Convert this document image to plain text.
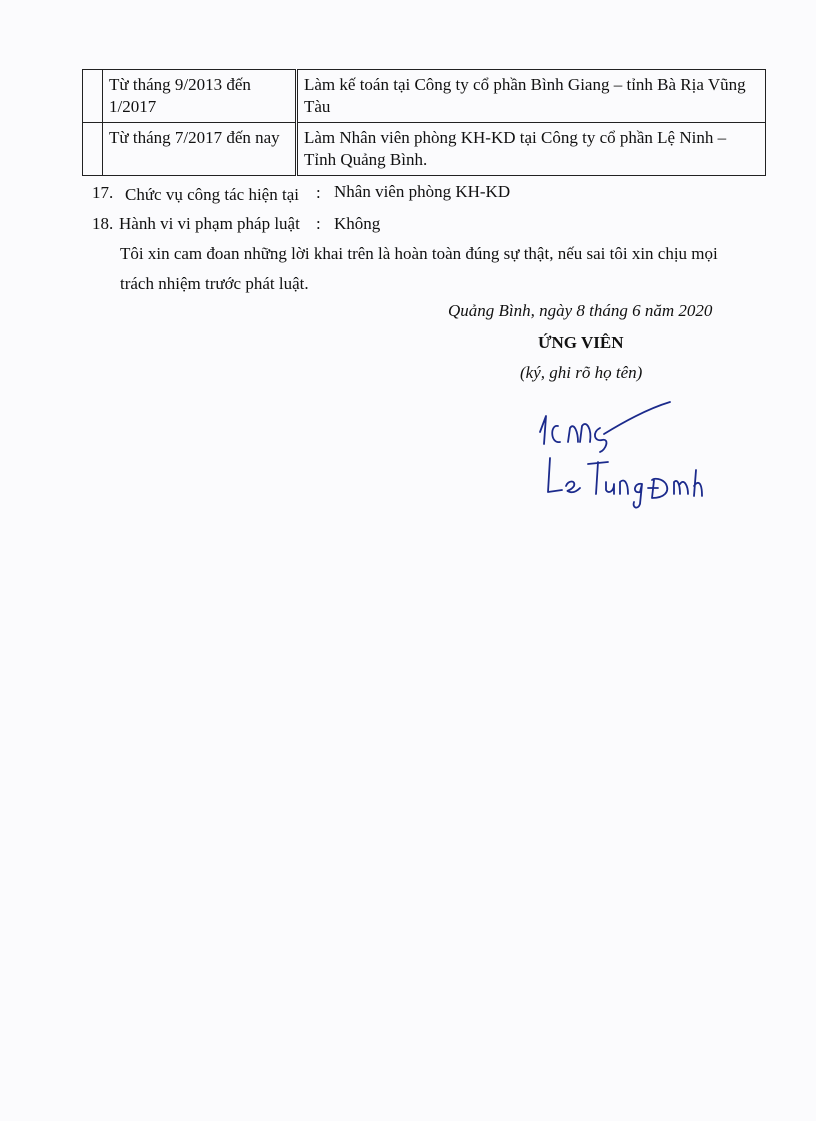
	Từ tháng 9/2013 đến 1/2017	Làm kế toán tại Công ty cổ phần Bình Giang – tỉnh Bà Rịa Vũng Tàu
	Từ tháng 7/2017 đến nay	Làm Nhân viên phòng KH-KD tại Công ty cổ phần Lệ Ninh – Tỉnh Quảng Bình.
17. Chức vụ công tác hiện tại : Nhân viên phòng KH-KD
18. Hành vi vi phạm pháp luật : Không
Tôi xin cam đoan những lời khai trên là hoàn toàn đúng sự thật, nếu sai tôi xin chịu mọi trách nhiệm trước phát luật.
Quảng Bình, ngày 8 tháng 6 năm 2020
ỨNG VIÊN
(ký, ghi rõ họ tên)
